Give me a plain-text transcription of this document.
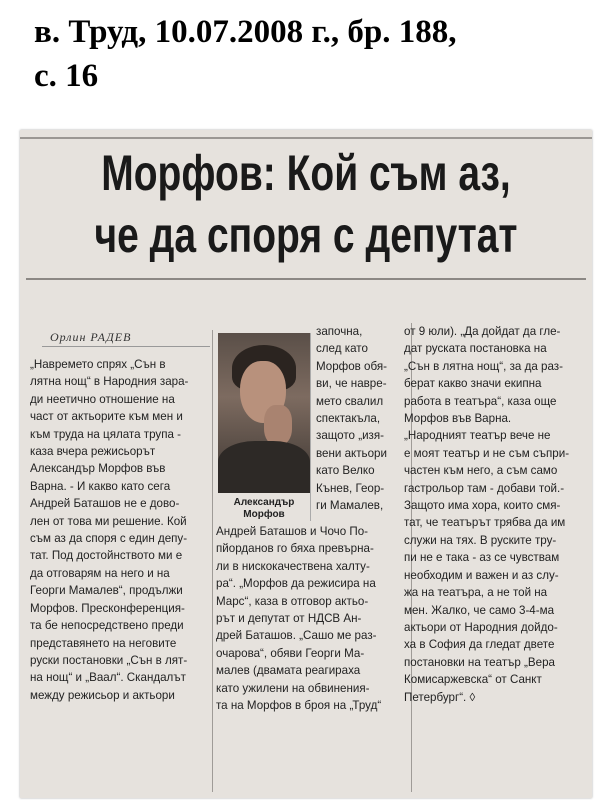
в. Труд, 10.07.2008 г., бр. 188,
с. 16
Морфов: Кой съм аз,
че да споря с депутат
Орлин РАДЕВ
„Навремето спрях „Сън в
лятна нощ“ в Народния зара-
ди неетично отношение на
част от актьорите към мен и
към труда на цялата трупа -
каза вчера режисьорът
Александър Морфов във
Варна. - И какво като сега
Андрей Баташов не е дово-
лен от това ми решение. Кой
съм аз да споря с един депу-
тат. Под достойнството ми е
да отговарям на него и на
Георги Мамалев“, продължи
Морфов. Пресконференция-
та бе непосредствено преди
представянето на неговите
руски постановки „Сън в лят-
на нощ“ и „Ваал“. Скандалът
между режисьор и актьори
Александър
Морфов
започна,
след като
Морфов обя-
ви, че навре-
мето свалил
спектакъла,
защото „изя-
вени актьори
като Велко
Кънев, Геор-
ги Мамалев,
Андрей Баташов и Чочо По-
пйорданов го бяха превърна-
ли в нискокачествена халту-
ра“. „Морфов да режисира на
Марс“, каза в отговор актьо-
рът и депутат от НДСВ Ан-
дрей Баташов. „Сашо ме раз-
очарова“, обяви Георги Ма-
малев (двамата реагираха
като ужилени на обвинения-
та на Морфов в броя на „Труд“
от 9 юли). „Да дойдат да глe-
дат руската постановка на
„Сън в лятна нощ“, за да раз-
берат какво значи екипна
работа в театъра“, каза още
Морфов във Варна.
„Народният театър вече не
е моят театър и не съм съпри-
частен към него, а съм само
гастрольор там - добави той.-
Защото има хора, които смя-
тат, че театърът трябва да им
служи на тях. В руските тру-
пи не е така - аз се чувствам
необходим и важен и аз слу-
жа на театъра, а не той на
мен. Жалко, че само 3-4-ма
актьори от Народния дойдо-
ха в София да гледат двете
постановки на театър „Вера
Комисаржевска“ от Санкт
Петербург“. ◊
